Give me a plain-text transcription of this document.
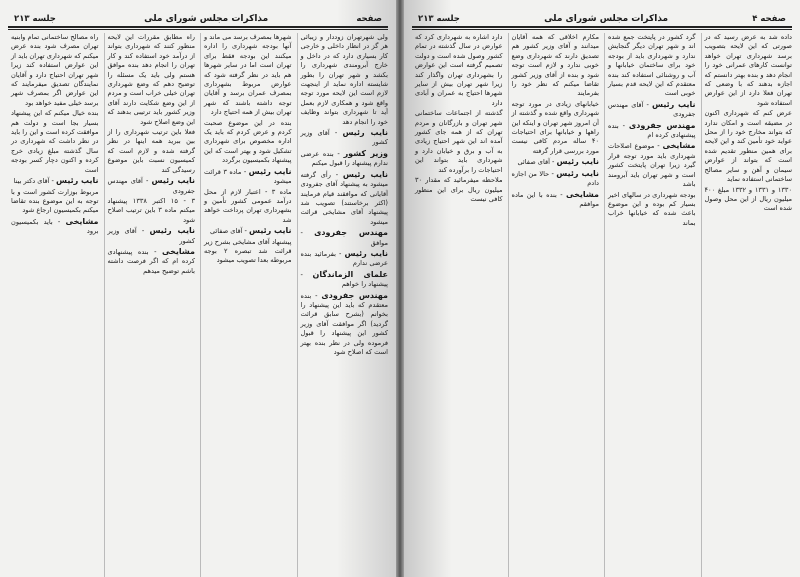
صفحه
مذاکرات مجلس شورای ملی
جلسه ۲۱۳

ولی شهرتهران زوددار و زیبائی هر گز در انظار داخلی و خارجی کار بسیاری دارد که در داخل و خارج آبرومندی شهرداری را بکشد و شهر تهران را بطور شایسته اداره نماید از اینجهت لازم است این لایحه مورد توجه واقع شود و همکاری لازم بعمل آید تا شهرداری بتواند وظایف خود را انجام دهد

نایب رئیس - آقای وزیر کشور

وزیر کشور - بنده عرضی ندارم پیشنهاد را قبول میکنم

نایب رئیس - رأی گرفته میشود به پیشنهاد آقای جفرودی آقایانی که موافقند قیام فرمایند (اکثر برخاستند) تصویب شد پیشنهاد آقای مشایخی قرائت میشود

مهندس جفرودی - موافق

نایب رئیس - بفرمائید بنده عرضی ندارم

علمای الزماندگان - پیشنهاد را خواهم

مهندس جفرودی - بنده معتقدم که باید این پیشنهاد را بخوانم (بشرح سابق قرائت گردید) اگر موافقت آقای وزیر کشور این پیشنهاد را قبول فرموده ولی در نظر بنده بهتر است که اصلاح شود

شهرها بمصرف برسد می ماند و آنها بودجه شهرداری را اداره میکنند این بودجه فقط برای تهران است اما در سایر شهرها هم باید در نظر گرفته شود که عوارض مربوط بشهرداری بمصرف عمران برسد و آقایان توجه داشته باشند که شهر تهران بیش از همه احتیاج دارد

بنده در این موضوع صحبت کردم و عرض کردم که باید یک اداره مخصوص برای شهرداری تشکیل شود و بهتر است که این پیشنهاد بکمیسیون برگردد

نایب رئیس - ماده ۳ قرائت میشود

ماده ۳ - اعتبار لازم از محل درآمد عمومی کشور تأمین و بشهرداری تهران پرداخت خواهد شد

نایب رئیس - آقای صفائی

پیشنهاد آقای مشایخی بشرح زیر قرائت شد تبصره ۲ بوجه مربوطه بعدا تصویب میشود

راه مطابق مقررات این لایحه منظور کنند که شهرداری بتواند از درآمد خود استفاده کند و کار تهران را انجام دهد بنده موافق هستم ولی باید یک مسئله را توضیح دهم که وضع شهرداری تهران خیلی خراب است و مردم از این وضع شکایت دارند آقای وزیر کشور باید ترتیبی بدهند که این وضع اصلاح شود

فعلا باین ترتیب شهرداری را از بین ببرید همه اینها در نظر گرفته شده و لازم است که کمیسیون نسبت باین موضوع رسیدگی کند

نایب رئیس - آقای مهندس جفرودی

۳ - ۱۵ اکتبر ۱۳۳۸ پیشنهاد میکنم ماده ۳ باین ترتیب اصلاح شود

نایب رئیس - آقای وزیر کشور

مشایخی - بنده پیشنهادی کرده ام که اگر فرصت داشته باشم توضیح میدهم

راه مصالح ساختمانی تمام وابنیه تهران مصرف شود بنده عرض میکنم که شهرداری تهران باید از این عوارض استفاده کند زیرا شهر تهران احتیاج دارد و آقایان نمایندگان تصدیق میفرمایند که این عوارض اگر بمصرف شهر برسد خیلی مفید خواهد بود

بنده خیال میکنم که این پیشنهاد بسیار بجا است و دولت هم موافقت کرده است و این را باید در نظر داشت که شهرداری در سال گذشته مبلغ زیادی خرج کرده و اکنون دچار کسر بودجه است

نایب رئیس - آقای دکتر بینا

مربوط بوزارت کشور است و با توجه به این موضوع بنده تقاضا میکنم بکمیسیون ارجاع شود

مشایخی - باید بکمیسیون برود

صفحه ۴
مذاکرات مجلس شورای ملی
جلسه ۲۱۳

داده شد به عرض رسید که در صورتی که این لایحه بتصویب برسد شهرداری تهران خواهد توانست کارهای عمرانی خود را انجام دهد و بنده بهتر دانستم که اجازه بدهند که با وضعی که تهران فعلا دارد از این عوارض استفاده شود

عرض کنم که شهرداری اکنون در مضیقه است و امکان ندارد که بتواند مخارج خود را از محل عواید خود تأمین کند و این لایحه برای همین منظور تقدیم شده است که بتواند از عوارض سیمان و آهن و سایر مصالح ساختمانی استفاده نماید

۱۳۳۰ و ۱۳۳۱ و ۱۳۳۲ مبلغ ۴۰۰ میلیون ریال از این محل وصول شده است

گرد کشور در پایتخت جمع شده اند و شهر تهران دیگر گنجایش ندارد و شهرداری باید از بودجه خود برای ساختمان خیابانها و آب و روشنائی استفاده کند بنده معتقدم که این لایحه قدم بسیار خوبی است

نایب رئیس - آقای مهندس جفرودی

مهندس جفرودی - بنده پیشنهادی کرده ام

مشایخی - موضوع اصلاحات شهرداری باید مورد توجه قرار گیرد زیرا تهران پایتخت کشور است و شهر تهران باید آبرومند باشد

بودجه شهرداری در سالهای اخیر بسیار کم بوده و این موضوع باعث شده که خیابانها خراب بماند

مکارم اخلاقی که همه آقایان میدانند و آقای وزیر کشور هم تصدیق دارند که شهرداری وضع خوبی ندارد و لازم است توجه شود و بنده از آقای وزیر کشور تقاضا میکنم که نظر خود را بفرمایند

خیابانهای زیادی در مورد توجه شهرداری واقع شده و گذشته از آن امروز شهر تهران و اینکه این راهها و خیابانها برای احتیاجات ۴۰ ساله مردم کافی نیست مورد بررسی قرار گرفته

نایب رئیس - آقای صفائی

نایب رئیس - حالا من اجازه دادم

مشایخی - بنده با این ماده موافقم

دارد اشاره به شهرداری کرد که عوارض در سال گذشته در تمام کشور وصول شده است و دولت تصمیم گرفته است این عوارض را بشهرداری تهران واگذار کند زیرا شهر تهران بیش از سایر شهرها احتیاج به عمران و آبادی دارد

گذشته از اجتماعات ساختمانی شهر تهران و بازرگانان و مردم تهران که از همه جای کشور آمده اند این شهر احتیاج زیادی به آب و برق و خیابان دارد و شهرداری باید بتواند این احتیاجات را برآورده کند

ملاحظه میفرمائید که مقدار ۳۰ میلیون ریال برای این منظور کافی نیست
